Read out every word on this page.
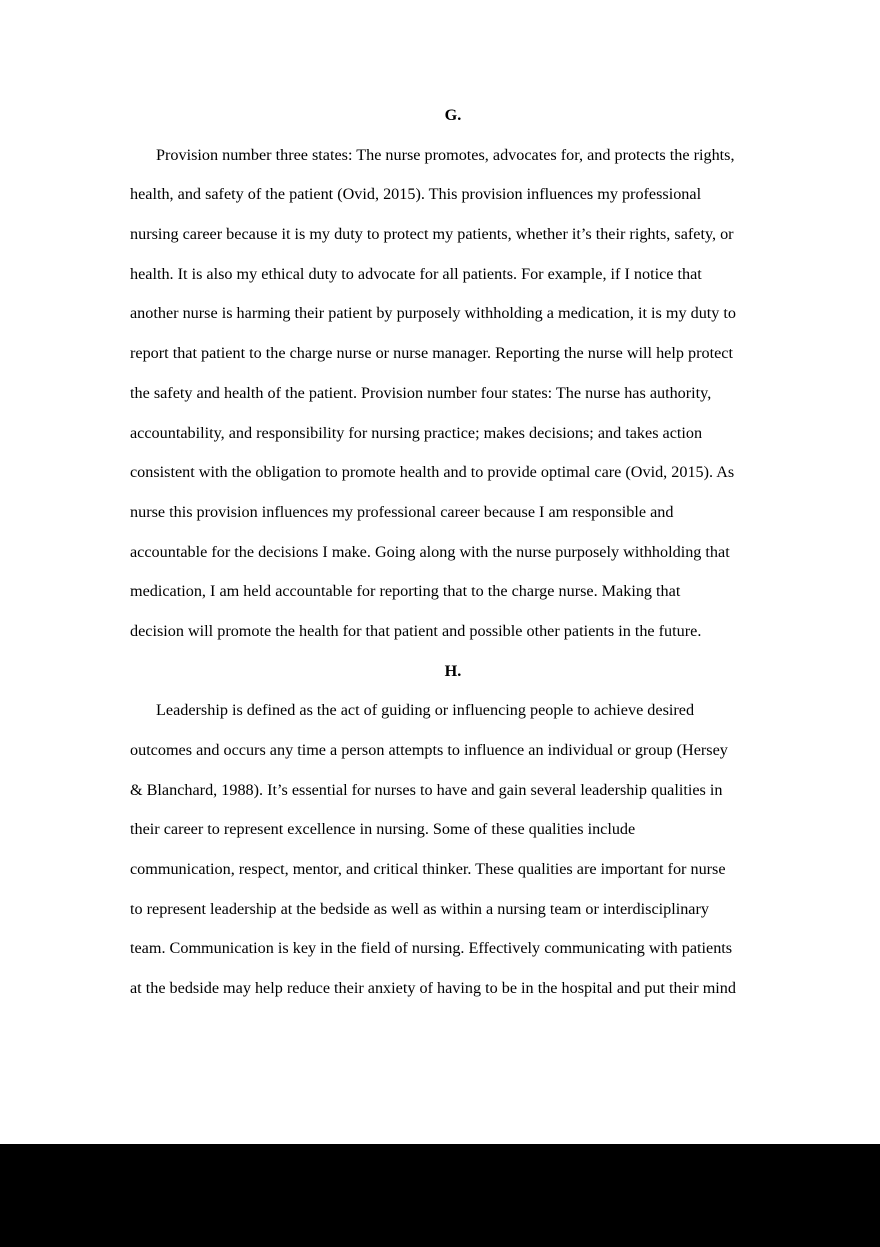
G.
Provision number three states: The nurse promotes, advocates for, and protects the rights,
health, and safety of the patient (Ovid, 2015). This provision influences my professional
nursing career because it is my duty to protect my patients, whether it’s their rights, safety, or
health. It is also my ethical duty to advocate for all patients. For example, if I notice that
another nurse is harming their patient by purposely withholding a medication, it is my duty to
report that patient to the charge nurse or nurse manager. Reporting the nurse will help protect
the safety and health of the patient. Provision number four states: The nurse has authority,
accountability, and responsibility for nursing practice; makes decisions; and takes action
consistent with the obligation to promote health and to provide optimal care (Ovid, 2015). As
nurse this provision influences my professional career because I am responsible and
accountable for the decisions I make. Going along with the nurse purposely withholding that
medication, I am held accountable for reporting that to the charge nurse. Making that
decision will promote the health for that patient and possible other patients in the future.
H.
Leadership is defined as the act of guiding or influencing people to achieve desired
outcomes and occurs any time a person attempts to influence an individual or group (Hersey
& Blanchard, 1988). It’s essential for nurses to have and gain several leadership qualities in
their career to represent excellence in nursing. Some of these qualities include
communication, respect, mentor, and critical thinker. These qualities are important for nurse
to represent leadership at the bedside as well as within a nursing team or interdisciplinary
team. Communication is key in the field of nursing. Effectively communicating with patients
at the bedside may help reduce their anxiety of having to be in the hospital and put their mind
